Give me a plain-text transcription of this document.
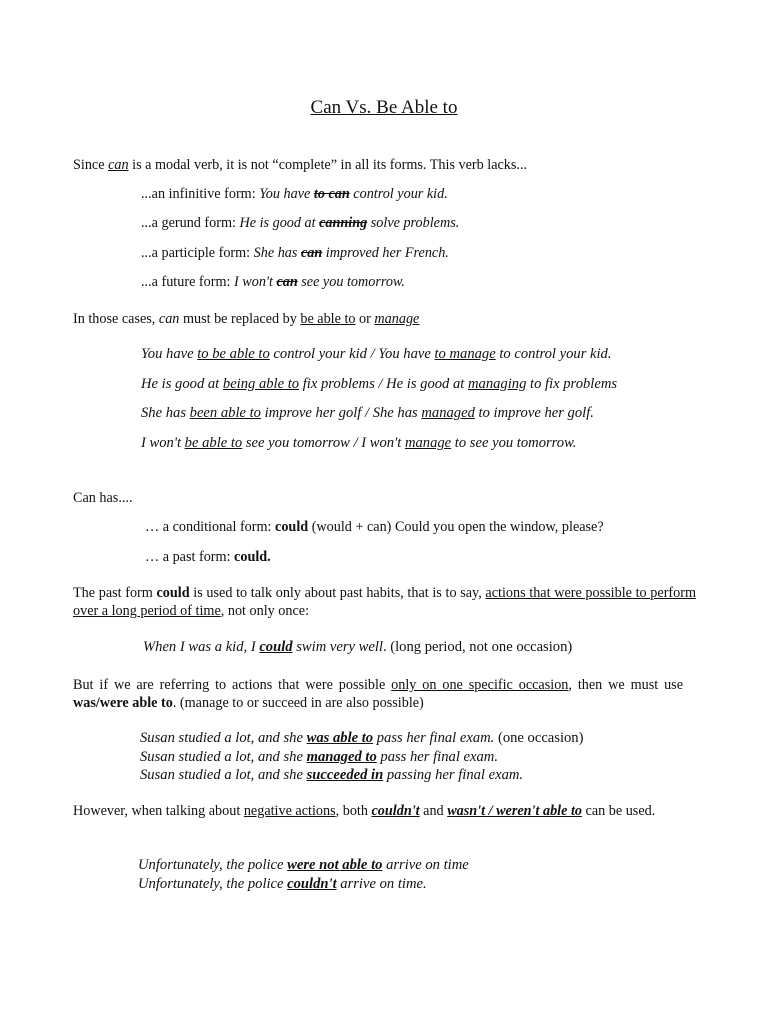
Can Vs. Be Able to

Since can is a modal verb, it is not “complete” in all its forms. This verb lacks...

...an infinitive form: You have to can control your kid.

...a gerund form: He is good at canning solve problems.

...a participle form: She has can improved her French.

...a future form: I won't can see you tomorrow.

In those cases, can must be replaced by be able to or manage

You have to be able to control your kid / You have to manage to control your kid.

He is good at being able to fix problems / He is good at managing to fix problems

She has been able to improve her golf / She has managed to improve her golf.

I won't be able to see you tomorrow / I won't manage to see you tomorrow.

Can has....

… a conditional form: could (would + can) Could you open the window, please?

… a past form: could.

The past form could is used to talk only about past habits, that is to say, actions that were possible to perform over a long period of time, not only once:

When I was a kid, I could swim very well. (long period, not one occasion)

But if we are referring to actions that were possible only on one specific occasion, then we must use was/were able to. (manage to or succeed in are also possible)

Susan studied a lot, and she was able to pass her final exam. (one occasion)
Susan studied a lot, and she managed to pass her final exam.
Susan studied a lot, and she succeeded in passing her final exam.

However, when talking about negative actions, both couldn't and wasn't / weren't able to can be used.

Unfortunately, the police were not able to arrive on time
Unfortunately, the police couldn't arrive on time.
